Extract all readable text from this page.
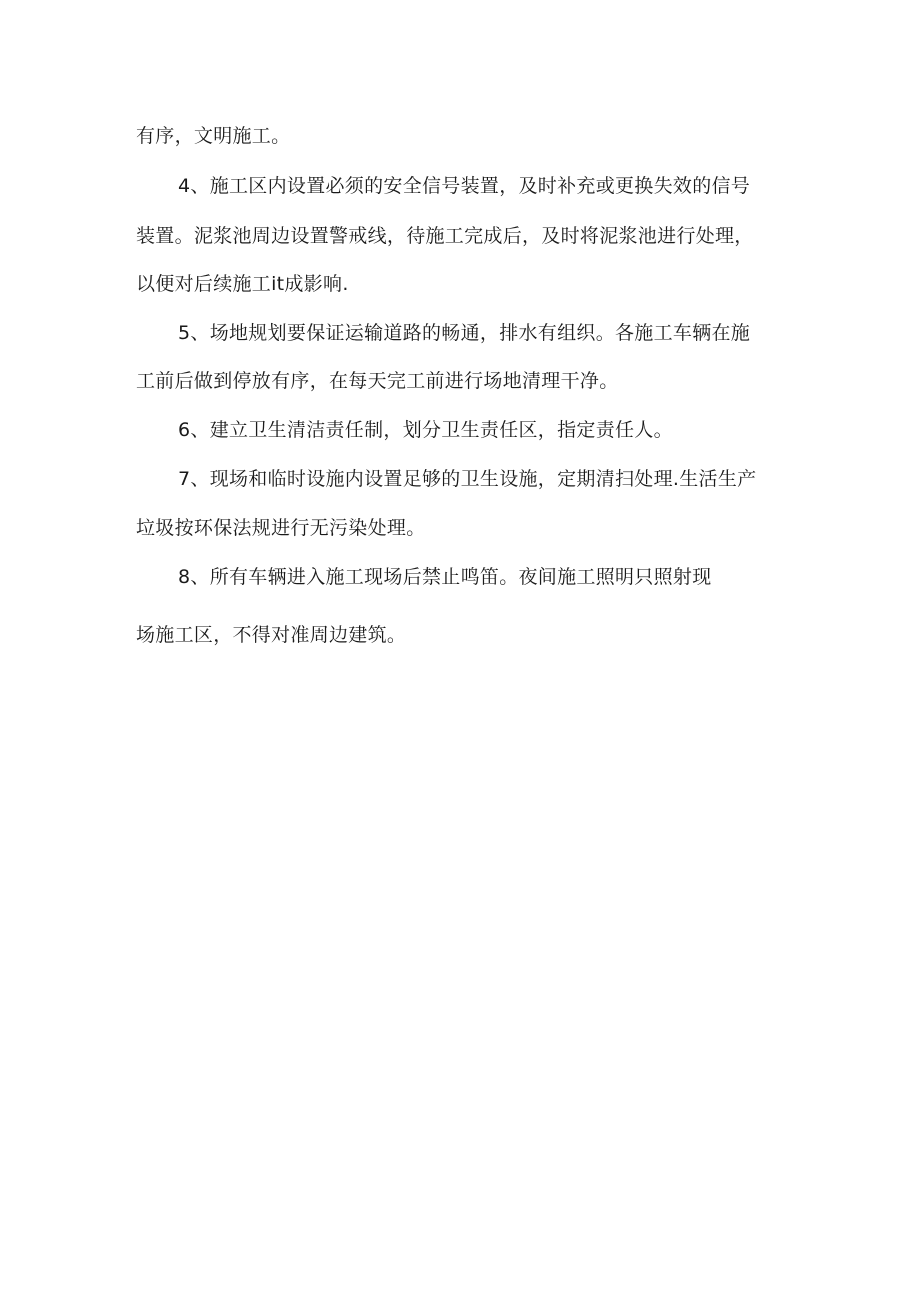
有序，文明施工。
4、施工区内设置必须的安全信号装置，及时补充或更换失效的信号
装置。泥浆池周边设置警戒线，待施工完成后，及时将泥浆池进行处理，
以便对后续施工it成影响.
5、场地规划要保证运输道路的畅通，排水有组织。各施工车辆在施
工前后做到停放有序，在每天完工前进行场地清理干净。
6、建立卫生清洁责任制，划分卫生责任区，指定责任人。
7、现场和临时设施内设置足够的卫生设施，定期清扫处理.生活生产
垃圾按环保法规进行无污染处理。
8、所有车辆进入施工现场后禁止鸣笛。夜间施工照明只照射现
场施工区，不得对准周边建筑。
